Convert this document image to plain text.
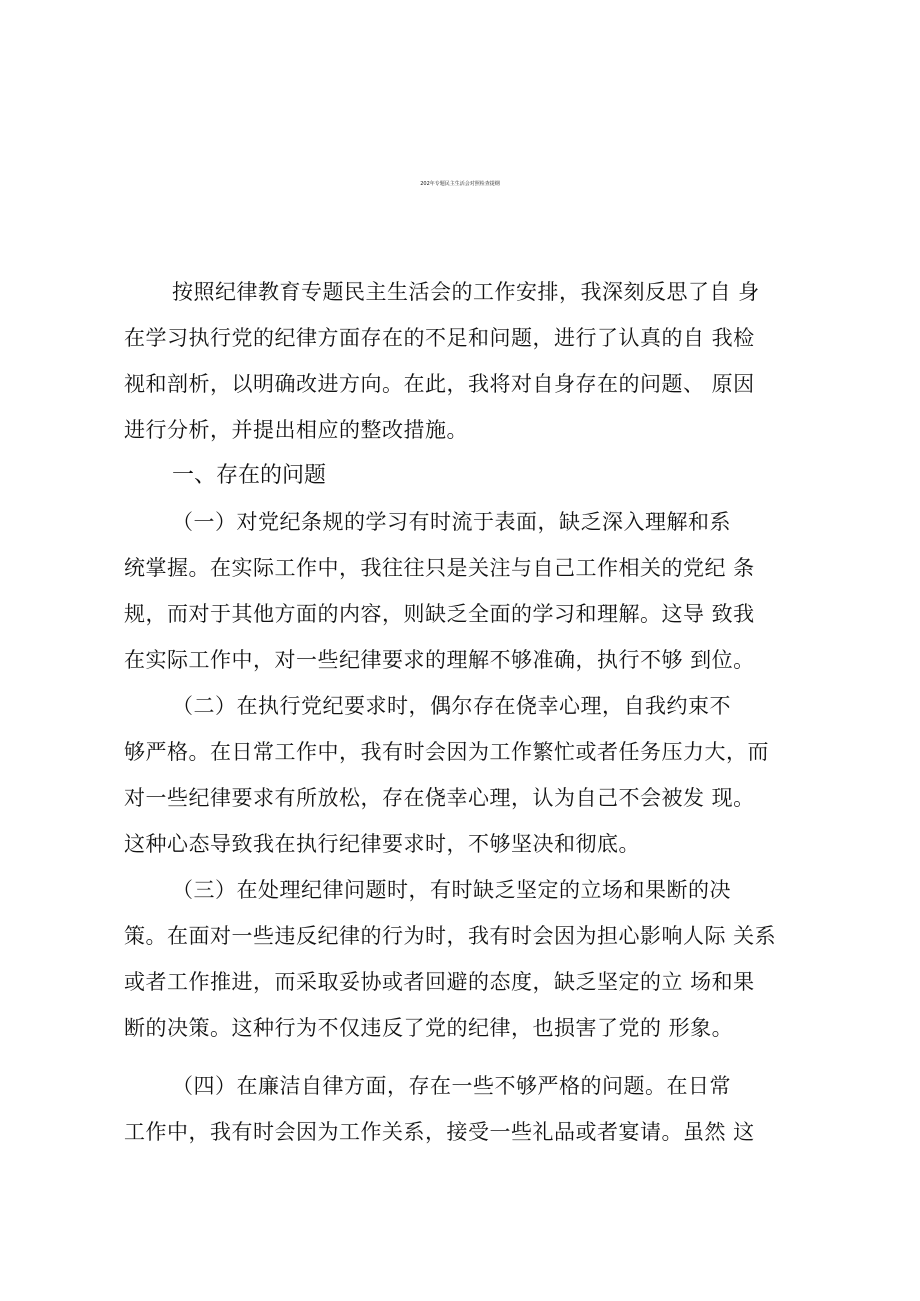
202年专题民主生活会对照检查提纲
按照纪律教育专题民主生活会的工作安排，我深刻反思了自 身
在学习执行党的纪律方面存在的不足和问题，进行了认真的自 我检
视和剖析，以明确改进方向。在此，我将对自身存在的问题、 原因
进行分析，并提出相应的整改措施。
一、存在的问题
（一）对党纪条规的学习有时流于表面，缺乏深入理解和系
统掌握。在实际工作中，我往往只是关注与自己工作相关的党纪 条
规，而对于其他方面的内容，则缺乏全面的学习和理解。这导 致我
在实际工作中，对一些纪律要求的理解不够准确，执行不够 到位。
（二）在执行党纪要求时，偶尔存在侥幸心理，自我约束不
够严格。在日常工作中，我有时会因为工作繁忙或者任务压力大，而
对一些纪律要求有所放松，存在侥幸心理，认为自己不会被发 现。
这种心态导致我在执行纪律要求时，不够坚决和彻底。
（三）在处理纪律问题时，有时缺乏坚定的立场和果断的决
策。在面对一些违反纪律的行为时，我有时会因为担心影响人际 关系
或者工作推进，而采取妥协或者回避的态度，缺乏坚定的立 场和果
断的决策。这种行为不仅违反了党的纪律，也损害了党的 形象。
（四）在廉洁自律方面，存在一些不够严格的问题。在日常
工作中，我有时会因为工作关系，接受一些礼品或者宴请。虽然 这
